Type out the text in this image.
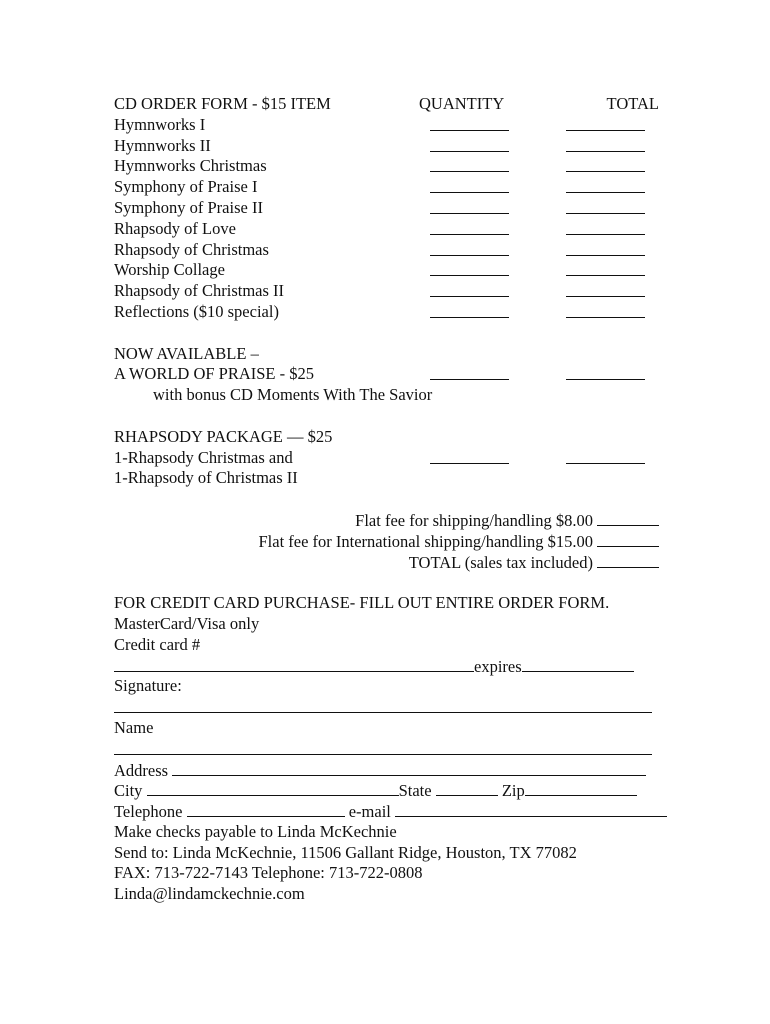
CD ORDER FORM - $15 ITEM	QUANTITY	TOTAL
Hymnworks I
Hymnworks II
Hymnworks Christmas
Symphony of Praise I
Symphony of Praise II
Rhapsody of Love
Rhapsody of Christmas
Worship Collage
Rhapsody of Christmas II
Reflections ($10 special)
NOW AVAILABLE –
A WORLD OF PRAISE - $25
with bonus CD Moments With The Savior
RHAPSODY PACKAGE — $25
1-Rhapsody Christmas and
1-Rhapsody of Christmas II
Flat fee for shipping/handling $8.00
Flat fee for International shipping/handling $15.00
TOTAL (sales tax included)
FOR CREDIT CARD PURCHASE- FILL OUT ENTIRE ORDER FORM.
MasterCard/Visa only
Credit card #
expires
Signature:
Name
Address
City	State	Zip
Telephone	e-mail
Make checks payable to Linda McKechnie
Send to: Linda McKechnie, 11506 Gallant Ridge, Houston, TX 77082
FAX: 713-722-7143 Telephone: 713-722-0808
Linda@lindamckechnie.com
